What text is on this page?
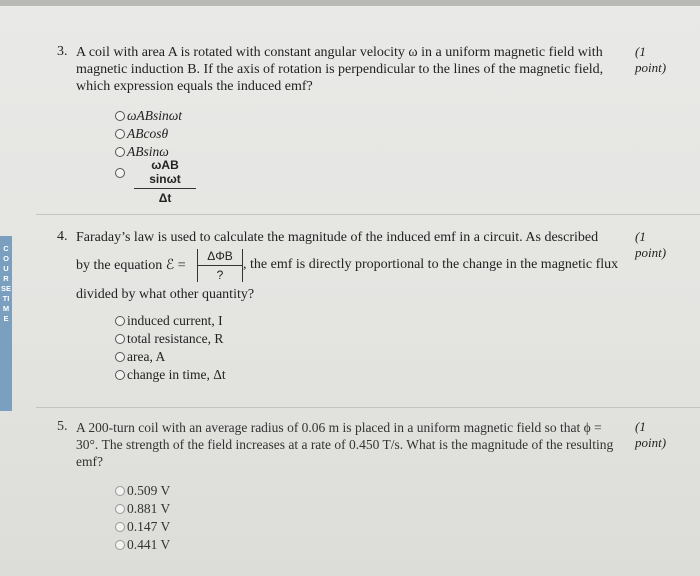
COURSE TIME
3. A coil with area A is rotated with constant angular velocity ω in a uniform magnetic field with magnetic induction B. If the axis of rotation is perpendicular to the lines of the magnetic field, which expression equals the induced emf?
(1 point)
ωABsinωt
ABcosθ
ABsinω
ωAB sinωt
Δt
4. Faraday’s law is used to calculate the magnitude of the induced emf in a circuit. As described	(1 point)
by the equation ℰ =
ΔΦB
?
, the emf is directly proportional to the change in the magnetic flux
divided by what other quantity?
induced current, I
total resistance, R
area, A
change in time, Δt
5. A 200-turn coil with an average radius of 0.06 m is placed in a uniform magnetic field so that ϕ = 30°. The strength of the field increases at a rate of 0.450 T/s. What is the magnitude of the resulting emf?
(1 point)
0.509 V
0.881 V
0.147 V
0.441 V
